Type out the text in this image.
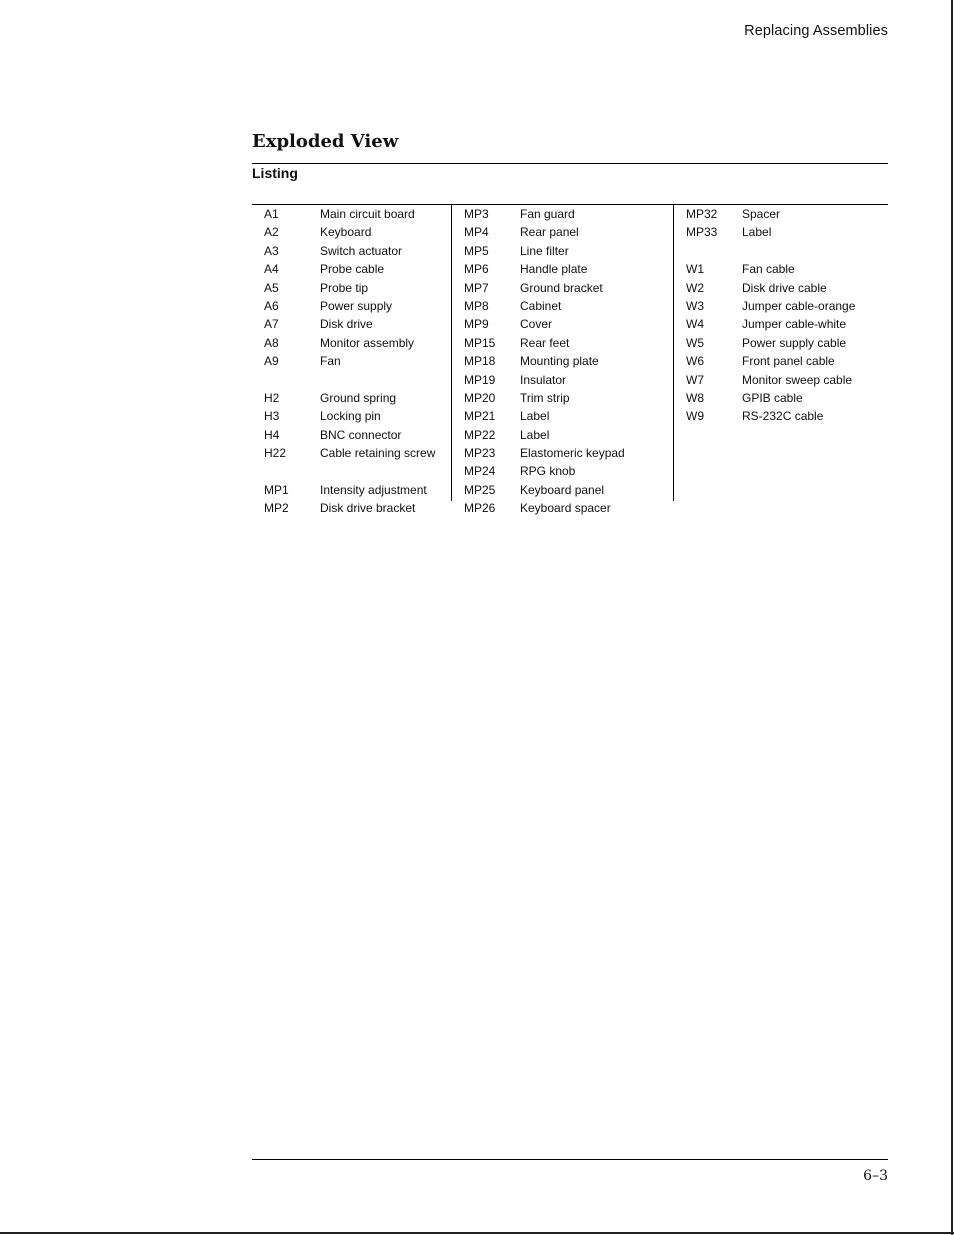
Replacing Assemblies
Exploded View
Listing
A1	Main circuit board
A2	Keyboard
A3	Switch actuator
A4	Probe cable
A5	Probe tip
A6	Power supply
A7	Disk drive
A8	Monitor assembly
A9	Fan
H2	Ground spring
H3	Locking pin
H4	BNC connector
H22	Cable retaining screw
MP1	Intensity adjustment
MP2	Disk drive bracket
MP3	Fan guard
MP4	Rear panel
MP5	Line filter
MP6	Handle plate
MP7	Ground bracket
MP8	Cabinet
MP9	Cover
MP15 Rear feet
MP18 Mounting plate
MP19 Insulator
MP20 Trim strip
MP21 Label
MP22 Label
MP23 Elastomeric keypad
MP24 RPG knob
MP25 Keyboard panel
MP26 Keyboard spacer
MP32 Spacer
MP33 Label
W1	Fan cable
W2	Disk drive cable
W3	Jumper cable-orange
W4	Jumper cable-white
W5	Power supply cable
W6	Front panel cable
W7	Monitor sweep cable
W8	GPIB cable
W9	RS-232C cable
6–3
